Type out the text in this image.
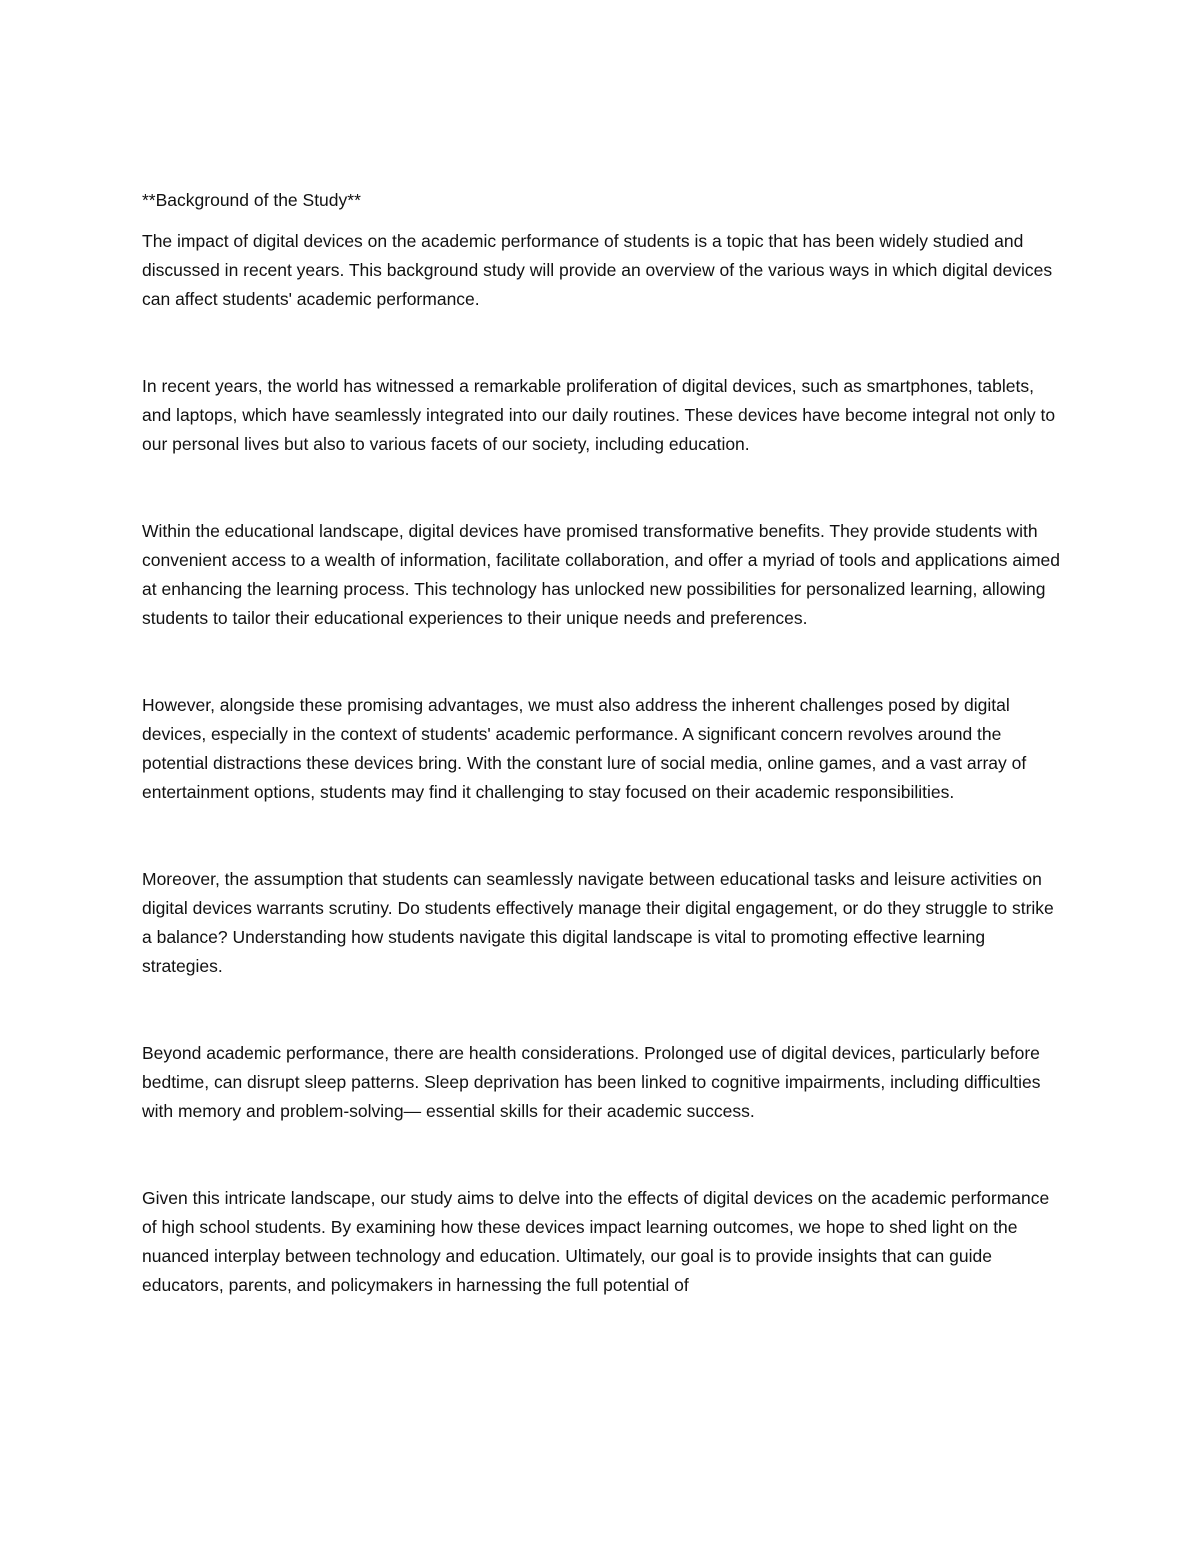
**Background of the Study**

The impact of digital devices on the academic performance of students is a topic that has been widely studied and discussed in recent years. This background study will provide an overview of the various ways in which digital devices can affect students' academic performance.

In recent years, the world has witnessed a remarkable proliferation of digital devices, such as smartphones, tablets, and laptops, which have seamlessly integrated into our daily routines. These devices have become integral not only to our personal lives but also to various facets of our society, including education.

Within the educational landscape, digital devices have promised transformative benefits. They provide students with convenient access to a wealth of information, facilitate collaboration, and offer a myriad of tools and applications aimed at enhancing the learning process. This technology has unlocked new possibilities for personalized learning, allowing students to tailor their educational experiences to their unique needs and preferences.

However, alongside these promising advantages, we must also address the inherent challenges posed by digital devices, especially in the context of students' academic performance. A significant concern revolves around the potential distractions these devices bring. With the constant lure of social media, online games, and a vast array of entertainment options, students may find it challenging to stay focused on their academic responsibilities.

Moreover, the assumption that students can seamlessly navigate between educational tasks and leisure activities on digital devices warrants scrutiny. Do students effectively manage their digital engagement, or do they struggle to strike a balance? Understanding how students navigate this digital landscape is vital to promoting effective learning strategies.

Beyond academic performance, there are health considerations. Prolonged use of digital devices, particularly before bedtime, can disrupt sleep patterns. Sleep deprivation has been linked to cognitive impairments, including difficulties with memory and problem-solving— essential skills for their academic success.

Given this intricate landscape, our study aims to delve into the effects of digital devices on the academic performance of high school students. By examining how these devices impact learning outcomes, we hope to shed light on the nuanced interplay between technology and education. Ultimately, our goal is to provide insights that can guide educators, parents, and policymakers in harnessing the full potential of
